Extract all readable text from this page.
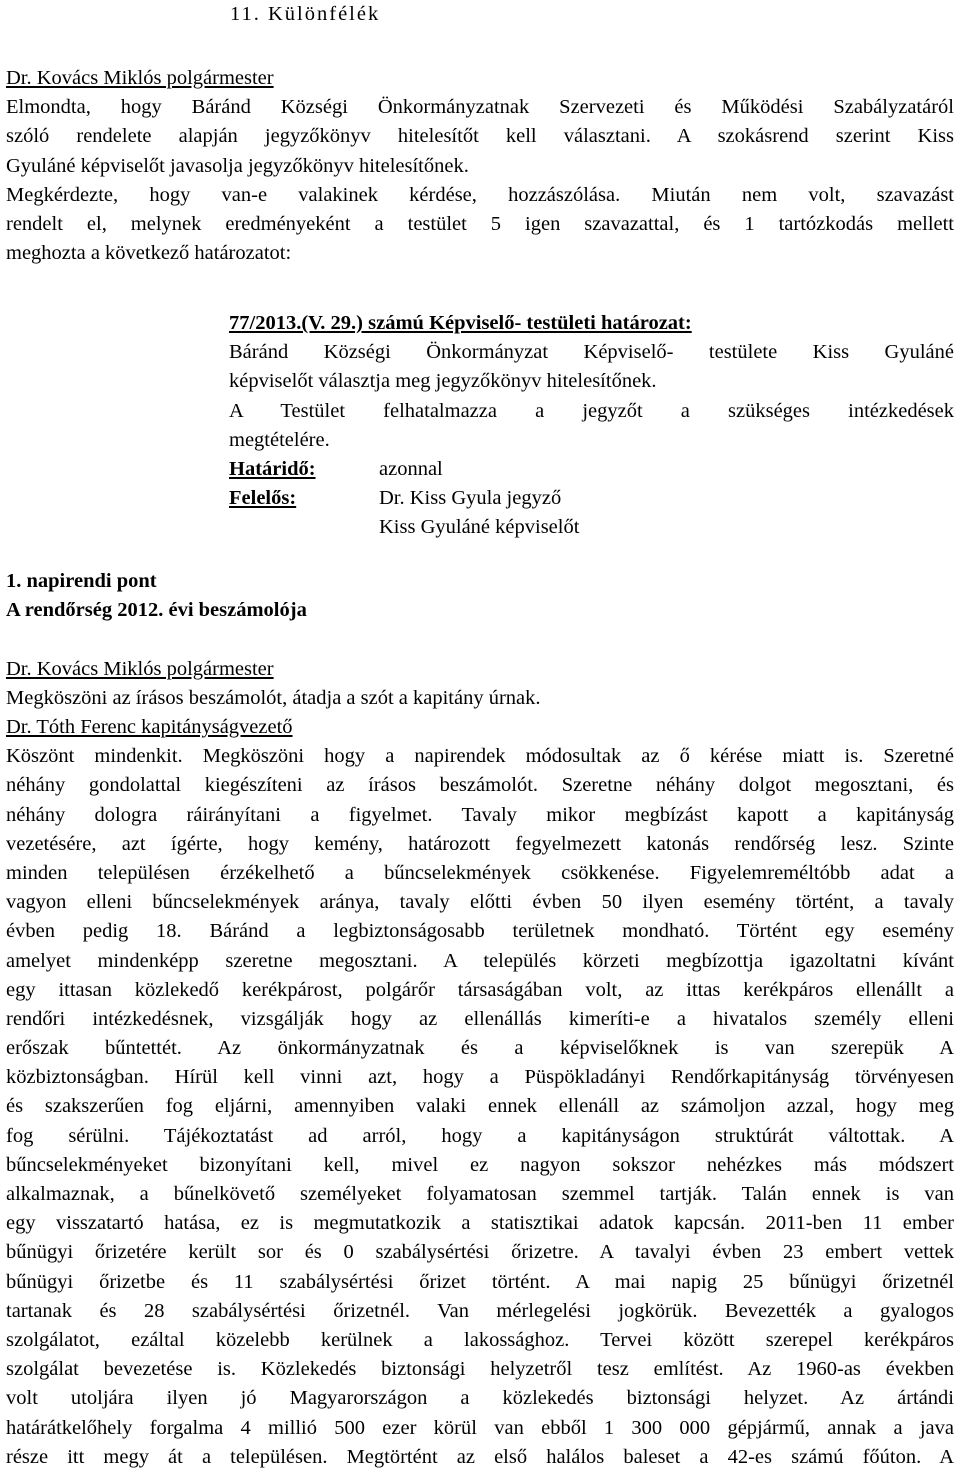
11. Különfélék
Dr. Kovács Miklós polgármester
Elmondta, hogy Báránd Községi Önkormányzatnak Szervezeti és Működési Szabályzatáról
szóló rendelete alapján jegyzőkönyv hitelesítőt kell választani. A szokásrend szerint Kiss
Gyuláné képviselőt javasolja jegyzőkönyv hitelesítőnek.
Megkérdezte, hogy van-e valakinek kérdése, hozzászólása. Miután nem volt, szavazást
rendelt el, melynek eredményeként a testület 5 igen szavazattal, és 1 tartózkodás mellett
meghozta a következő határozatot:
77/2013.(V. 29.) számú Képviselő- testületi határozat:
Báránd Községi Önkormányzat Képviselő- testülete Kiss Gyuláné
képviselőt választja meg jegyzőkönyv hitelesítőnek.
A Testület felhatalmazza a jegyzőt a szükséges intézkedések
megtételére.
Határidő:	azonnal
Felelős:	Dr. Kiss Gyula jegyző
Kiss Gyuláné képviselőt
1. napirendi pont
A rendőrség 2012. évi beszámolója
Dr. Kovács Miklós polgármester
Megköszöni az írásos beszámolót, átadja a szót a kapitány úrnak.
Dr. Tóth Ferenc kapitányságvezető
Köszönt mindenkit. Megköszöni hogy a napirendek módosultak az ő kérése miatt is. Szeretné
néhány gondolattal kiegészíteni az írásos beszámolót. Szeretne néhány dolgot megosztani, és
néhány dologra ráirányítani a figyelmet. Tavaly mikor megbízást kapott a kapitányság
vezetésére, azt ígérte, hogy kemény, határozott fegyelmezett katonás rendőrség lesz. Szinte
minden településen érzékelhető a bűncselekmények csökkenése. Figyelemreméltóbb adat a
vagyon elleni bűncselekmények aránya, tavaly előtti évben 50 ilyen esemény történt, a tavaly
évben pedig 18. Báránd a legbiztonságosabb területnek mondható. Történt egy esemény
amelyet mindenképp szeretne megosztani. A település körzeti megbízottja igazoltatni kívánt
egy ittasan közlekedő kerékpárost, polgárőr társaságában volt, az ittas kerékpáros ellenállt a
rendőri intézkedésnek, vizsgálják hogy az ellenállás kimeríti-e a hivatalos személy elleni
erőszak bűntettét. Az önkormányzatnak és a képviselőknek is van szerepük A
közbiztonságban. Hírül kell vinni azt, hogy a Püspökladányi Rendőrkapitányság törvényesen
és szakszerűen fog eljárni, amennyiben valaki ennek ellenáll az számoljon azzal, hogy meg
fog sérülni. Tájékoztatást ad arról, hogy a kapitányságon struktúrát váltottak. A
bűncselekményeket bizonyítani kell, mivel ez nagyon sokszor nehézkes más módszert
alkalmaznak, a bűnelkövető személyeket folyamatosan szemmel tartják. Talán ennek is van
egy visszatartó hatása, ez is megmutatkozik a statisztikai adatok kapcsán. 2011-ben 11 ember
bűnügyi őrizetére került sor és 0 szabálysértési őrizetre. A tavalyi évben 23 embert vettek
bűnügyi őrizetbe és 11 szabálysértési őrizet történt. A mai napig 25 bűnügyi őrizetnél
tartanak és 28 szabálysértési őrizetnél. Van mérlegelési jogkörük. Bevezették a gyalogos
szolgálatot, ezáltal közelebb kerülnek a lakossághoz. Tervei között szerepel kerékpáros
szolgálat bevezetése is. Közlekedés biztonsági helyzetről tesz említést. Az 1960-as években
volt utoljára ilyen jó Magyarországon a közlekedés biztonsági helyzet. Az ártándi
határátkelőhely forgalma 4 millió 500 ezer körül van ebből 1 300 000 gépjármű, annak a java
része itt megy át a településen. Megtörtént az első halálos baleset a 42-es számú főúton. A
